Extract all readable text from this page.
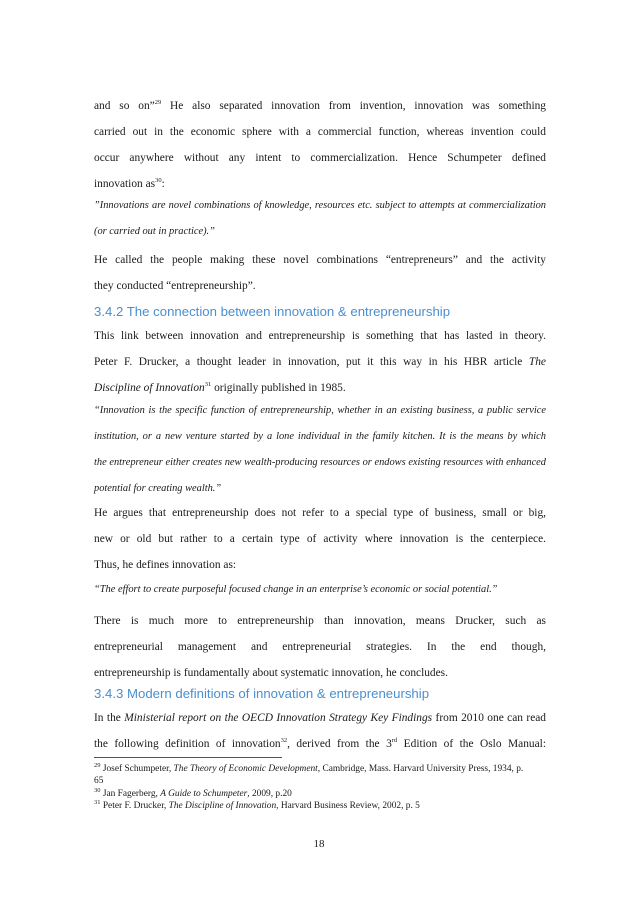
and so on”$^{29}$ He also separated innovation from invention, innovation was something
carried out in the economic sphere with a commercial function, whereas invention could
occur anywhere without any intent to commercialization. Hence Schumpeter defined
innovation $as^{30}$:
”Innovations are novel combinations of knowledge, resources etc. subject to attempts at commercialization
(or carried out in practice).”
He called the people making these novel combinations “entrepreneurs” and the activity
they conducted “entrepreneurship”.
3.4.2 The connection between innovation & entrepreneurship
This link between innovation and entrepreneurship is something that has lasted in theory.
Peter F. Drucker, a thought leader in innovation, put it this way in his HBR article The
Discipline of Innovation$^{31}$ originally published in 1985.
“Innovation is the specific function of entrepreneurship, whether in an existing business, a public service
institution, or a new venture started by a lone individual in the family kitchen. It is the means by which
the entrepreneur either creates new wealth-producing resources or endows existing resources with enhanced
potential for creating wealth.”
He argues that entrepreneurship does not refer to a special type of business, small or big,
new or old but rather to a certain type of activity where innovation is the centerpiece.
Thus, he defines innovation as:
“The effort to create purposeful focused change in an enterprise’s economic or social potential.”
There is much more to entrepreneurship than innovation, means Drucker, such as
entrepreneurial management and entrepreneurial strategies. In the end though,
entrepreneurship is fundamentally about systematic innovation, he concludes.
3.4.3 Modern definitions of innovation & entrepreneurship
In the Ministerial report on the OECD Innovation Strategy Key Findings from 2010 one can read
the following definition of innovation$^{32}$, derived from the 3rd Edition of the Oslo Manual:
$^{29}$ Josef Schumpeter, The Theory of Economic Development, Cambridge, Mass. Harvard University Press, 1934, p.
65
$^{30}$ Jan Fagerberg, A Guide to Schumpeter, 2009, p.20
$^{31}$ Peter F. Drucker, The Discipline of Innovation, Harvard Business Review, 2002, p. 5
18
